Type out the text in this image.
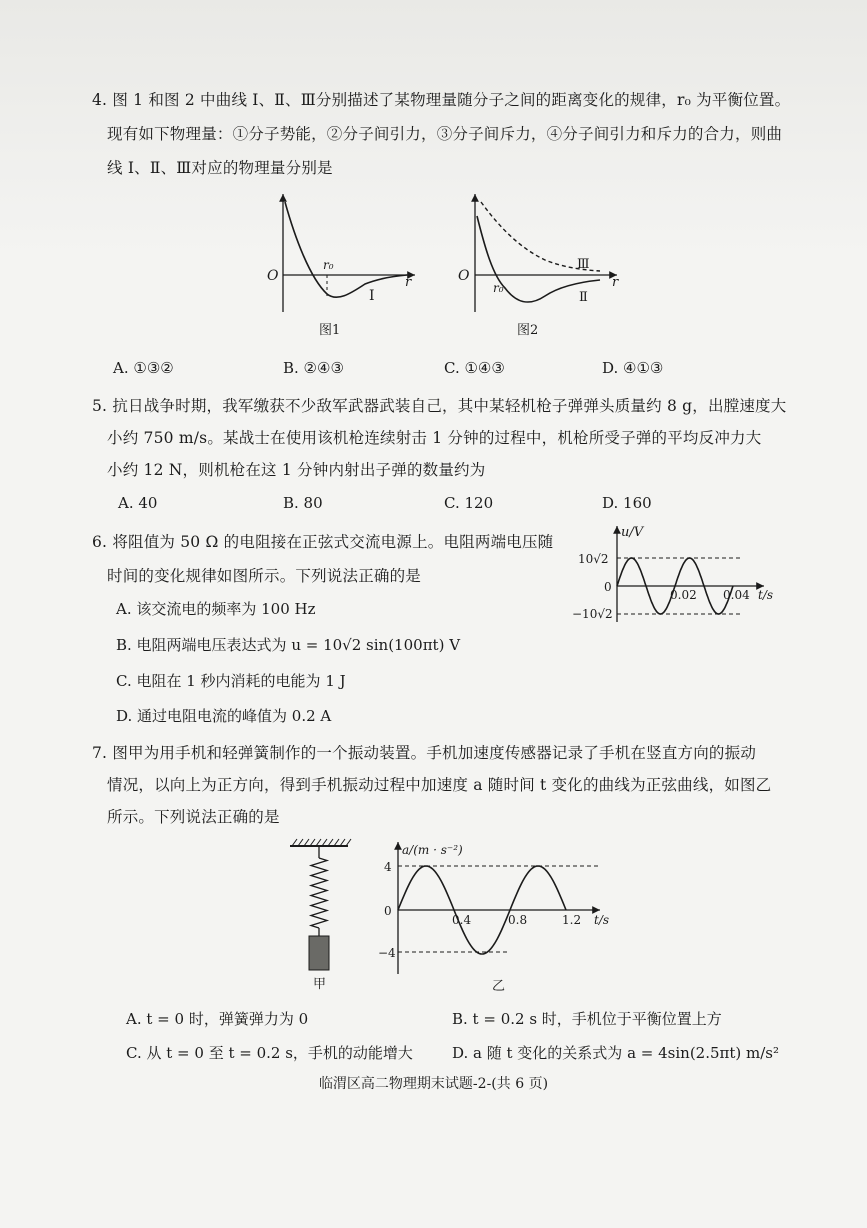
4. 图 1 和图 2 中曲线 Ⅰ、Ⅱ、Ⅲ分别描述了某物理量随分子之间的距离变化的规律，r₀ 为平衡位置。
现有如下物理量：①分子势能，②分子间引力，③分子间斥力，④分子间引力和斥力的合力，则曲
线 Ⅰ、Ⅱ、Ⅲ对应的物理量分别是
O
r₀
r
Ⅰ
图1
O
r₀	r
Ⅲ
Ⅱ
图2
A. ①③②	B. ②④③	C. ①④③	D. ④①③
5. 抗日战争时期，我军缴获不少敌军武器武装自己，其中某轻机枪子弹弹头质量约 8 g，出膛速度大
小约 750 m/s。某战士在使用该机枪连续射击 1 分钟的过程中，机枪所受子弹的平均反冲力大
小约 12 N，则机枪在这 1 分钟内射出子弹的数量约为
A. 40	B. 80	C. 120	D. 160
6. 将阻值为 50 Ω 的电阻接在正弦式交流电源上。电阻两端电压随
时间的变化规律如图所示。下列说法正确的是
A. 该交流电的频率为 100 Hz
B. 电阻两端电压表达式为 u = 10√2 sin(100πt) V
C. 电阻在 1 秒内消耗的电能为 1 J
D. 通过电阻电流的峰值为 0.2 A
u/V
10√2
0
−10√2
0.02 0.04 t/s
7. 图甲为用手机和轻弹簧制作的一个振动装置。手机加速度传感器记录了手机在竖直方向的振动
情况，以向上为正方向，得到手机振动过程中加速度 a 随时间 t 变化的曲线为正弦曲线，如图乙
所示。下列说法正确的是
甲
a/(m · s⁻²)
4
0
−4
0.4	0.8	1.2 t/s
乙
A. t = 0 时，弹簧弹力为 0	B. t = 0.2 s 时，手机位于平衡位置上方
C. 从 t = 0 至 t = 0.2 s，手机的动能增大	D. a 随 t 变化的关系式为 a = 4sin(2.5πt) m/s²
临渭区高二物理期末试题-2-(共 6 页)
